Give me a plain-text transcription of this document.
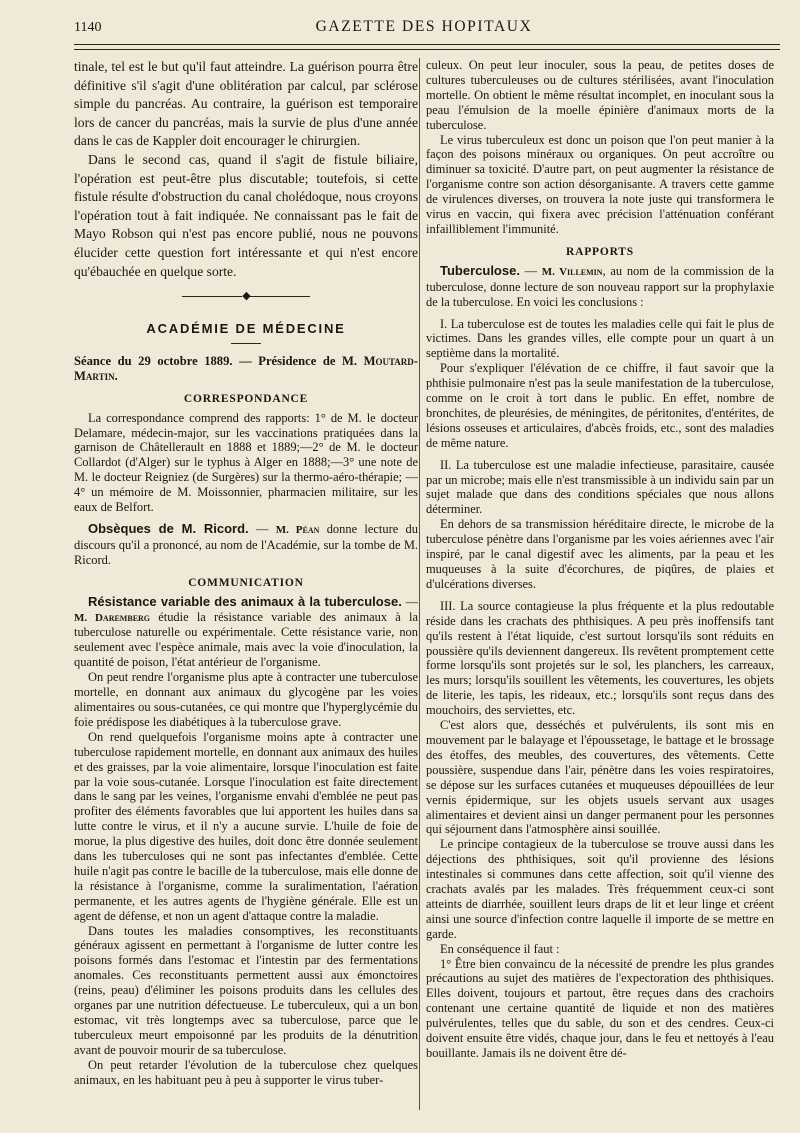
1140	GAZETTE DES HOPITAUX

tinale, tel est le but qu'il faut atteindre. La guérison pourra être définitive s'il s'agit d'une oblitération par calcul, par sclérose simple du pancréas. Au contraire, la guérison est temporaire lors de cancer du pancréas, mais la survie de plus d'une année dans le cas de Kappler doit encourager le chirurgien.

Dans le second cas, quand il s'agit de fistule biliaire, l'opération est peut-être plus discutable; toutefois, si cette fistule résulte d'obstruction du canal cholédoque, nous croyons l'opération tout à fait indiquée. Ne connaissant pas le fait de Mayo Robson qui n'est pas encore publié, nous ne pouvons élucider cette question fort intéressante et qui n'est encore qu'ébauchée en quelque sorte.

◆
ACADÉMIE DE MÉDECINE

Séance du 29 octobre 1889. — Présidence de M. Moutard-Martin.

CORRESPONDANCE

La correspondance comprend des rapports: 1° de M. le docteur Delamare, médecin-major, sur les vaccinations pratiquées dans la garnison de Châtellerault en 1888 et 1889;—2° de M. le docteur Collardot (d'Alger) sur le typhus à Alger en 1888;—3° une note de M. le docteur Reigniez (de Surgères) sur la thermo-aéro-thérapie; — 4° un mémoire de M. Moissonnier, pharmacien militaire, sur les eaux de Belfort.

Obsèques de M. Ricord. — M. Péan donne lecture du discours qu'il a prononcé, au nom de l'Académie, sur la tombe de M. Ricord.

COMMUNICATION

Résistance variable des animaux à la tuberculose. — M. Daremberg étudie la résistance variable des animaux à la tuberculose naturelle ou expérimentale. Cette résistance varie, non seulement avec l'espèce animale, mais avec la voie d'inoculation, la quantité de poison, l'état antérieur de l'organisme.

On peut rendre l'organisme plus apte à contracter une tuberculose mortelle, en donnant aux animaux du glycogène par les voies alimentaires ou sous-cutanées, ce qui montre que l'hyperglycémie du foie prédispose les diabétiques à la tuberculose grave.

On rend quelquefois l'organisme moins apte à contracter une tuberculose rapidement mortelle, en donnant aux animaux des huiles et des graisses, par la voie alimentaire, lorsque l'inoculation est faite par la voie sous-cutanée. Lorsque l'inoculation est faite directement dans le sang par les veines, l'organisme envahi d'emblée ne peut pas profiter des éléments favorables que lui apportent les huiles dans sa lutte contre le virus, et il n'y a aucune survie. L'huile de foie de morue, la plus digestive des huiles, doit donc être donnée seulement dans les tuberculoses qui ne sont pas infectantes d'emblée. Cette huile n'agit pas contre le bacille de la tuberculose, mais elle donne de la résistance à l'organisme, comme la suralimentation, l'aération permanente, et les autres agents de l'hygiène générale. Elle est un agent de défense, et non un agent d'attaque contre la maladie.

Dans toutes les maladies consomptives, les reconstituants généraux agissent en permettant à l'organisme de lutter contre les poisons formés dans l'estomac et l'intestin par des fermentations anomales. Ces reconstituants permettent aussi aux émonctoires (reins, peau) d'éliminer les poisons produits dans les cellules des organes par une nutrition défectueuse. Le tuberculeux, qui a un bon estomac, vit très longtemps avec sa tuberculose, parce que le tuberculeux meurt empoisonné par les produits de la dénutrition avant de pouvoir mourir de sa tuberculose.

On peut retarder l'évolution de la tuberculose chez quelques animaux, en les habituant peu à peu à supporter le virus tuber-

culeux. On peut leur inoculer, sous la peau, de petites doses de cultures tuberculeuses ou de cultures stérilisées, avant l'inoculation mortelle. On obtient le même résultat incomplet, en inoculant sous la peau l'émulsion de la moelle épinière d'animaux morts de la tuberculose.

Le virus tuberculeux est donc un poison que l'on peut manier à la façon des poisons minéraux ou organiques. On peut accroître ou diminuer sa toxicité. D'autre part, on peut augmenter la résistance de l'organisme contre son action désorganisante. A travers cette gamme de virulences diverses, on trouvera la note juste qui transformera le virus en vaccin, qui fixera avec précision l'atténuation conférant infailliblement l'immunité.

RAPPORTS

Tuberculose. — M. Villemin, au nom de la commission de la tuberculose, donne lecture de son nouveau rapport sur la prophylaxie de la tuberculose. En voici les conclusions :

I. La tuberculose est de toutes les maladies celle qui fait le plus de victimes. Dans les grandes villes, elle compte pour un quart à un septième dans la mortalité.

Pour s'expliquer l'élévation de ce chiffre, il faut savoir que la phthisie pulmonaire n'est pas la seule manifestation de la tuberculose, comme on le croit à tort dans le public. En effet, nombre de bronchites, de pleurésies, de méningites, de péritonites, d'entérites, de lésions osseuses et articulaires, d'abcès froids, etc., sont des maladies de même nature.

II. La tuberculose est une maladie infectieuse, parasitaire, causée par un microbe; mais elle n'est transmissible à un individu sain par un sujet malade que dans des conditions spéciales que nous allons déterminer.

En dehors de sa transmission héréditaire directe, le microbe de la tuberculose pénètre dans l'organisme par les voies aériennes avec l'air inspiré, par le canal digestif avec les aliments, par la peau et les muqueuses à la suite d'écorchures, de piqûres, de plaies et d'ulcérations diverses.

III. La source contagieuse la plus fréquente et la plus redoutable réside dans les crachats des phthisiques. A peu près inoffensifs tant qu'ils restent à l'état liquide, c'est surtout lorsqu'ils sont réduits en poussière qu'ils deviennent dangereux. Ils revêtent promptement cette forme lorsqu'ils sont projetés sur le sol, les planchers, les carreaux, les murs; lorsqu'ils souillent les vêtements, les couvertures, les objets de literie, les tapis, les rideaux, etc.; lorsqu'ils sont reçus dans des mouchoirs, des serviettes, etc.

C'est alors que, desséchés et pulvérulents, ils sont mis en mouvement par le balayage et l'époussetage, le battage et le brossage des étoffes, des meubles, des couvertures, des vêtements. Cette poussière, suspendue dans l'air, pénètre dans les voies respiratoires, se dépose sur les surfaces cutanées et muqueuses dépouillées de leur vernis épidermique, sur les objets usuels servant aux usages alimentaires et devient ainsi un danger permanent pour les personnes qui séjournent dans l'atmosphère ainsi souillée.

Le principe contagieux de la tuberculose se trouve aussi dans les déjections des phthisiques, soit qu'il provienne des lésions intestinales si communes dans cette affection, soit qu'il vienne des crachats avalés par les malades. Très fréquemment ceux-ci sont atteints de diarrhée, souillent leurs draps de lit et leur linge et créent ainsi une source d'infection contre laquelle il importe de se mettre en garde.

En conséquence il faut :

1° Être bien convaincu de la nécessité de prendre les plus grandes précautions au sujet des matières de l'expectoration des phthisiques. Elles doivent, toujours et partout, être reçues dans des crachoirs contenant une certaine quantité de liquide et non des matières pulvérulentes, telles que du sable, du son et des cendres. Ceux-ci doivent ensuite être vidés, chaque jour, dans le feu et nettoyés à l'eau bouillante. Jamais ils ne doivent être dé-
